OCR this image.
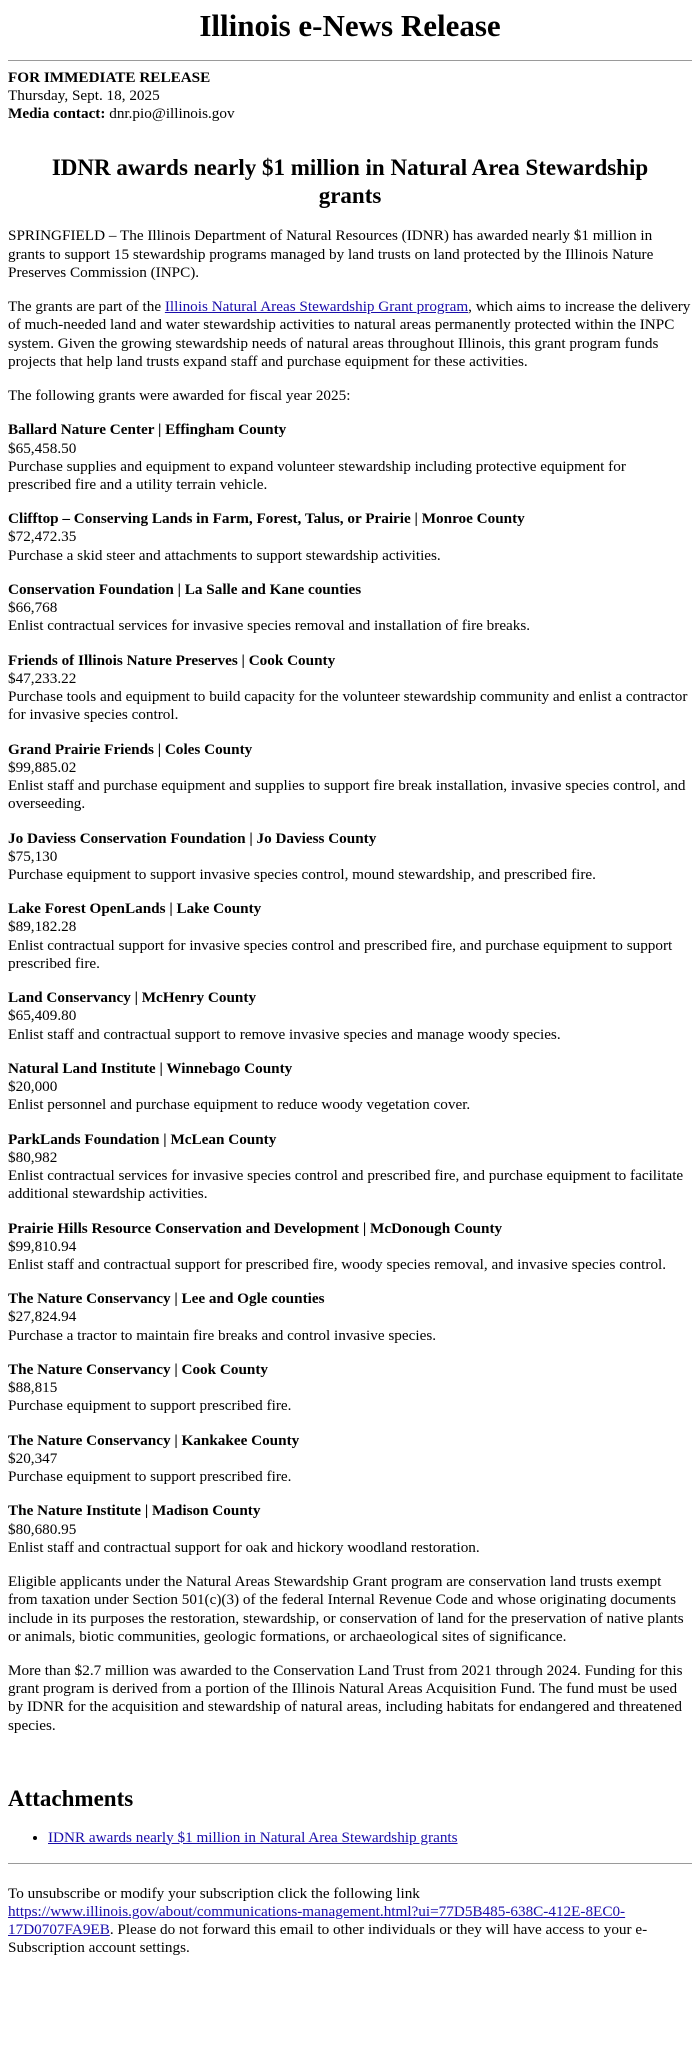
Illinois e-News Release

FOR IMMEDIATE RELEASE

Thursday, Sept. 18, 2025

Media contact: dnr.pio@illinois.gov

IDNR awards nearly $1 million in Natural Area Stewardship grants

SPRINGFIELD – The Illinois Department of Natural Resources (IDNR) has awarded nearly $1 million in grants to support 15 stewardship programs managed by land trusts on land protected by the Illinois Nature Preserves Commission (INPC).

The grants are part of the Illinois Natural Areas Stewardship Grant program, which aims to increase the delivery of much-needed land and water stewardship activities to natural areas permanently protected within the INPC system. Given the growing stewardship needs of natural areas throughout Illinois, this grant program funds projects that help land trusts expand staff and purchase equipment for these activities.

The following grants were awarded for fiscal year 2025:

Ballard Nature Center | Effingham County
$65,458.50
Purchase supplies and equipment to expand volunteer stewardship including protective equipment for prescribed fire and a utility terrain vehicle.
Clifftop – Conserving Lands in Farm, Forest, Talus, or Prairie | Monroe County
$72,472.35
Purchase a skid steer and attachments to support stewardship activities.
Conservation Foundation | La Salle and Kane counties
$66,768
Enlist contractual services for invasive species removal and installation of fire breaks.
Friends of Illinois Nature Preserves | Cook County
$47,233.22
Purchase tools and equipment to build capacity for the volunteer stewardship community and enlist a contractor for invasive species control.
Grand Prairie Friends | Coles County
$99,885.02
Enlist staff and purchase equipment and supplies to support fire break installation, invasive species control, and overseeding.
Jo Daviess Conservation Foundation | Jo Daviess County
$75,130
Purchase equipment to support invasive species control, mound stewardship, and prescribed fire.
Lake Forest OpenLands | Lake County
$89,182.28
Enlist contractual support for invasive species control and prescribed fire, and purchase equipment to support prescribed fire.
Land Conservancy | McHenry County
$65,409.80
Enlist staff and contractual support to remove invasive species and manage woody species.
Natural Land Institute | Winnebago County
$20,000
Enlist personnel and purchase equipment to reduce woody vegetation cover.
ParkLands Foundation | McLean County
$80,982
Enlist contractual services for invasive species control and prescribed fire, and purchase equipment to facilitate additional stewardship activities.
Prairie Hills Resource Conservation and Development | McDonough County
$99,810.94
Enlist staff and contractual support for prescribed fire, woody species removal, and invasive species control.
The Nature Conservancy | Lee and Ogle counties
$27,824.94
Purchase a tractor to maintain fire breaks and control invasive species.
The Nature Conservancy | Cook County
$88,815
Purchase equipment to support prescribed fire.
The Nature Conservancy | Kankakee County
$20,347
Purchase equipment to support prescribed fire.
The Nature Institute | Madison County
$80,680.95
Enlist staff and contractual support for oak and hickory woodland restoration.

Eligible applicants under the Natural Areas Stewardship Grant program are conservation land trusts exempt from taxation under Section 501(c)(3) of the federal Internal Revenue Code and whose originating documents include in its purposes the restoration, stewardship, or conservation of land for the preservation of native plants or animals, biotic communities, geologic formations, or archaeological sites of significance.

More than $2.7 million was awarded to the Conservation Land Trust from 2021 through 2024. Funding for this grant program is derived from a portion of the Illinois Natural Areas Acquisition Fund. The fund must be used by IDNR for the acquisition and stewardship of natural areas, including habitats for endangered and threatened species.

Attachments
• IDNR awards nearly $1 million in Natural Area Stewardship grants

To unsubscribe or modify your subscription click the following link
https://www.illinois.gov/about/communications-management.html?ui=77D5B485-638C-412E-8EC0-17D0707FA9EB. Please do not forward this email to other individuals or they will have access to your e-Subscription account settings.
